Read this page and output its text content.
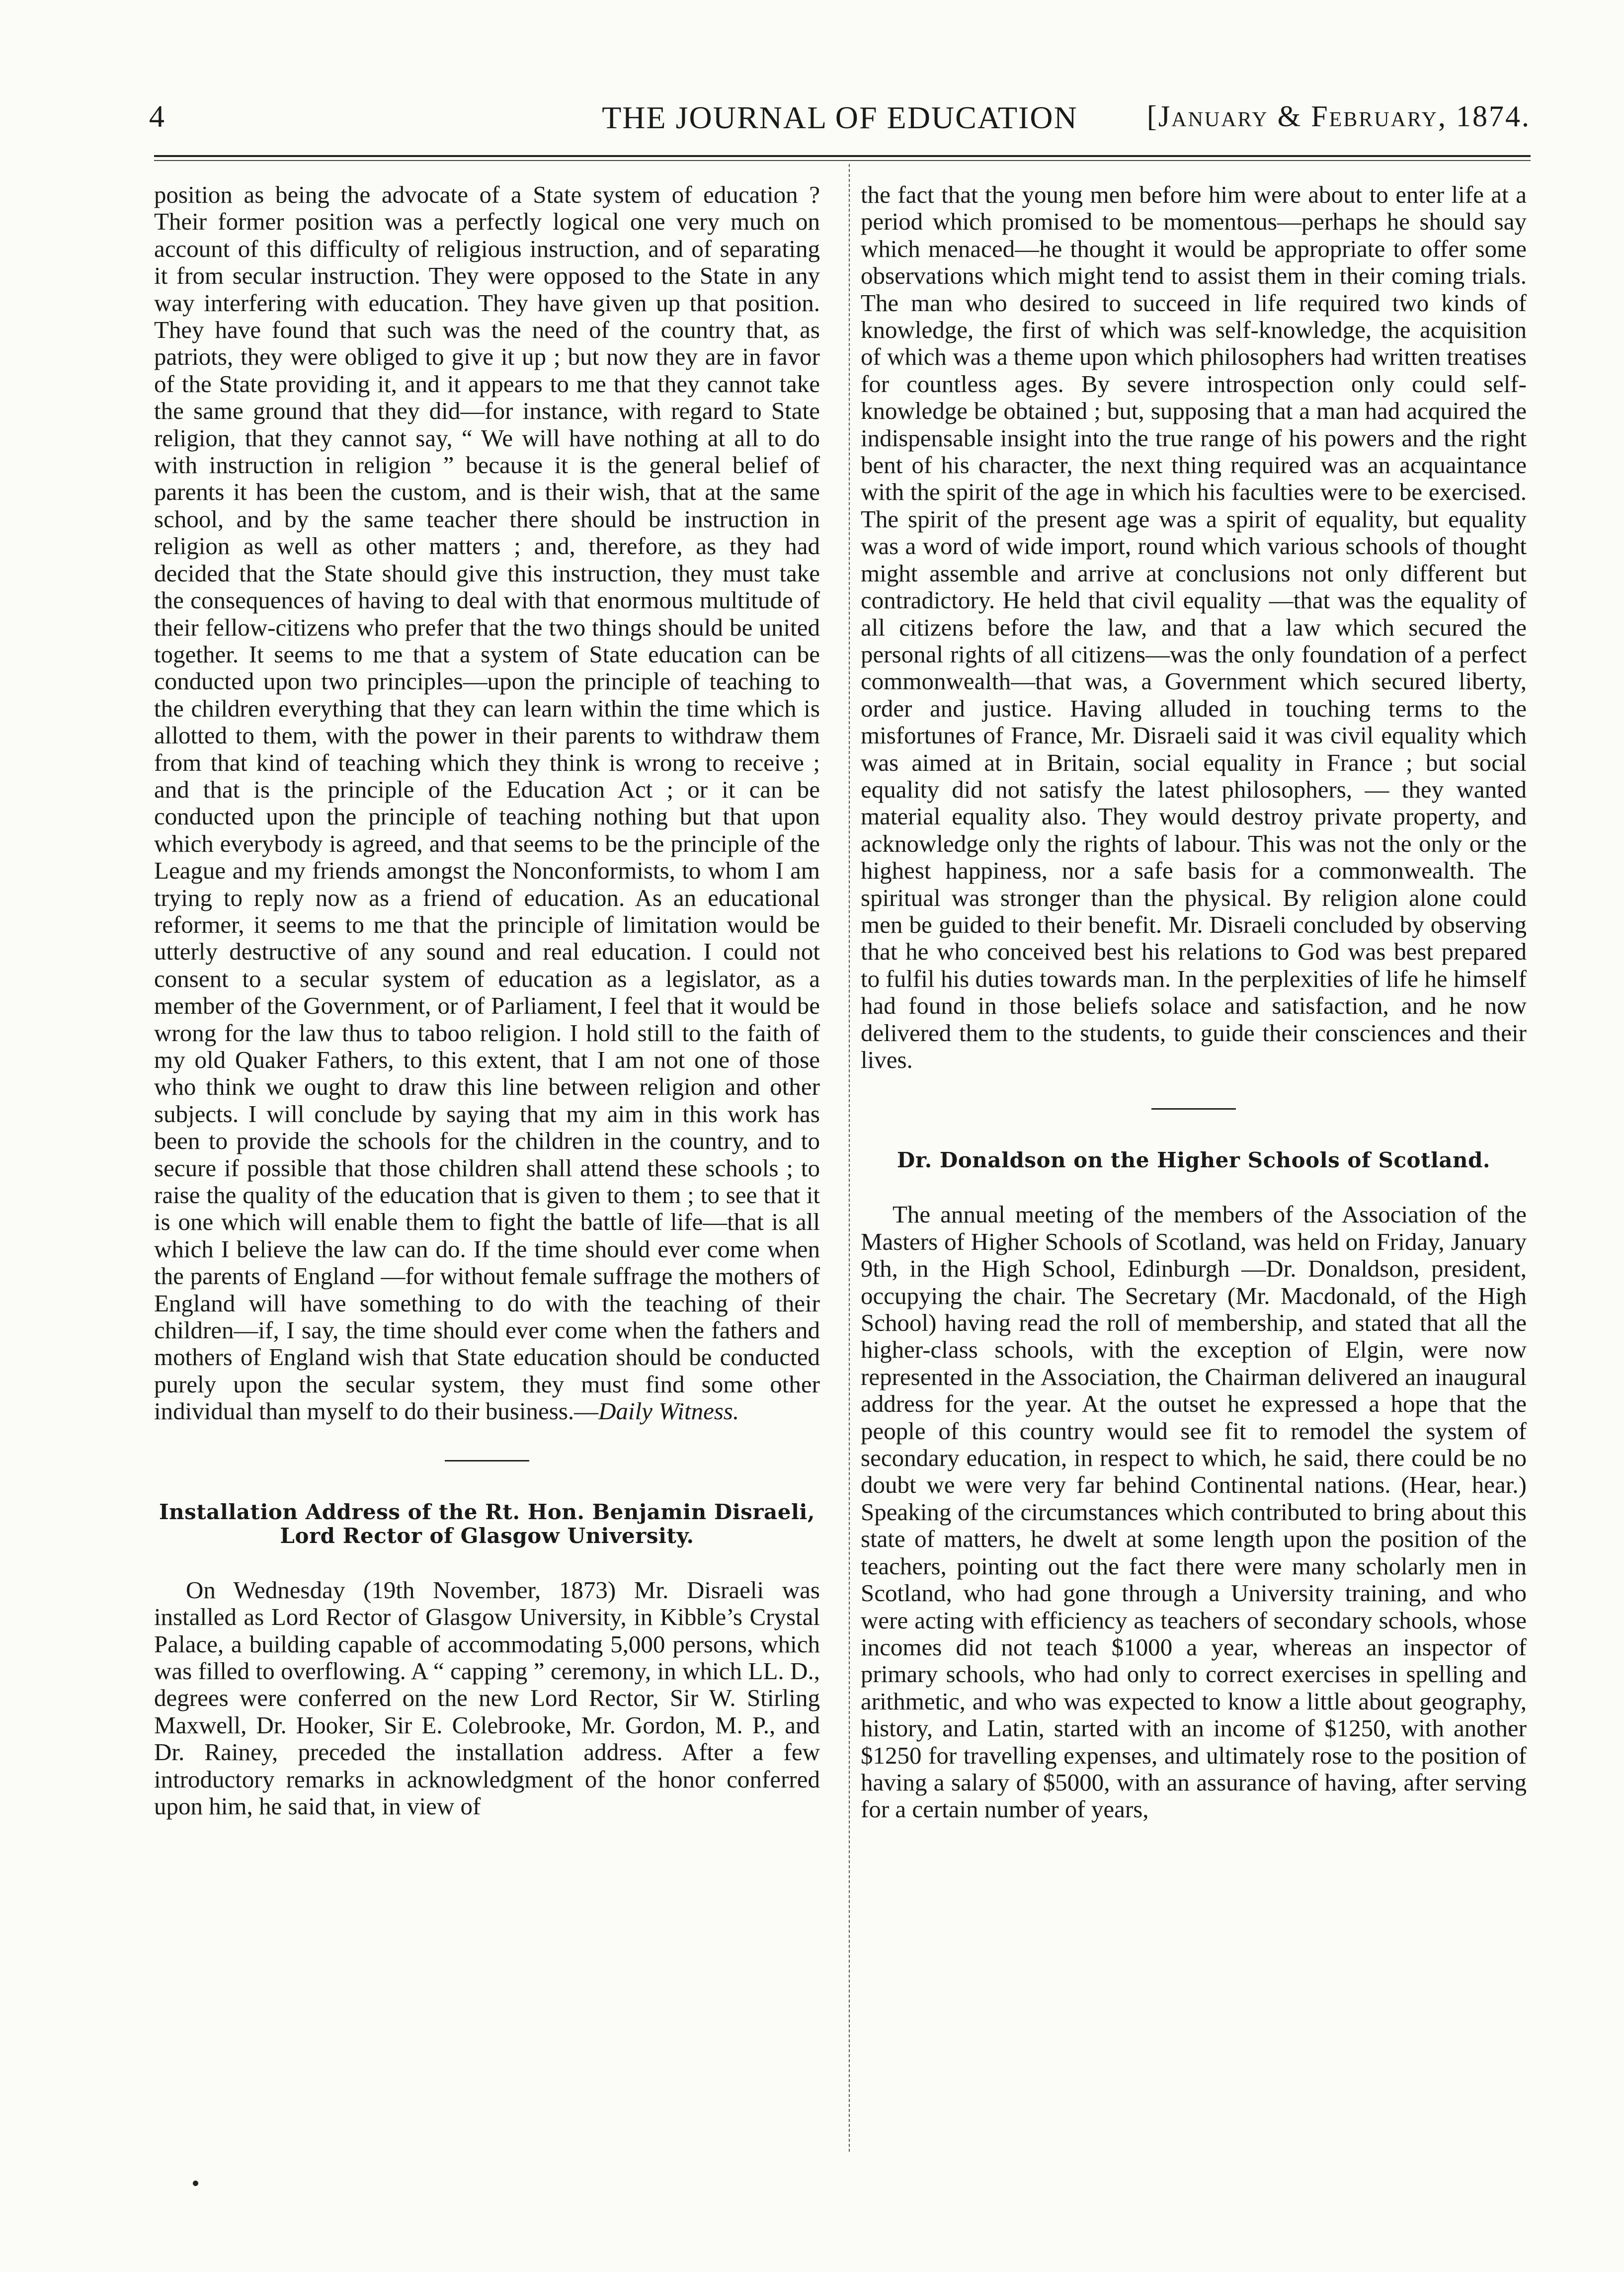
4	THE JOURNAL OF EDUCATION	[January & February, 1874.

position as being the advocate of a State system of education ? Their former position was a perfectly logical one very much on account of this difficulty of religious instruction, and of separating it from secular instruction. They were opposed to the State in any way interfering with education. They have given up that position. They have found that such was the need of the country that, as patriots, they were obliged to give it up ; but now they are in favor of the State providing it, and it appears to me that they cannot take the same ground that they did—for instance, with regard to State religion, that they cannot say, “ We will have nothing at all to do with instruction in religion ” because it is the general belief of parents it has been the custom, and is their wish, that at the same school, and by the same teacher there should be instruction in religion as well as other matters ; and, therefore, as they had decided that the State should give this instruction, they must take the consequences of having to deal with that enormous multitude of their fellow-citizens who prefer that the two things should be united together. It seems to me that a system of State education can be conducted upon two principles—upon the principle of teaching to the children everything that they can learn within the time which is allotted to them, with the power in their parents to withdraw them from that kind of teaching which they think is wrong to receive ; and that is the principle of the Education Act ; or it can be conducted upon the principle of teaching nothing but that upon which everybody is agreed, and that seems to be the principle of the League and my friends amongst the Nonconformists, to whom I am trying to reply now as a friend of education. As an educational reformer, it seems to me that the principle of limitation would be utterly destructive of any sound and real education. I could not consent to a secular system of education as a legislator, as a member of the Government, or of Parliament, I feel that it would be wrong for the law thus to taboo religion. I hold still to the faith of my old Quaker Fathers, to this extent, that I am not one of those who think we ought to draw this line between religion and other subjects. I will conclude by saying that my aim in this work has been to provide the schools for the children in the country, and to secure if possible that those children shall attend these schools ; to raise the quality of the education that is given to them ; to see that it is one which will enable them to fight the battle of life—that is all which I believe the law can do. If the time should ever come when the parents of England —for without female suffrage the mothers of England will have something to do with the teaching of their children—if, I say, the time should ever come when the fathers and mothers of England wish that State education should be conducted purely upon the secular system, they must find some other individual than myself to do their business.—Daily Witness.

Installation Address of the Rt. Hon. Benjamin Disraeli, Lord Rector of Glasgow University.

On Wednesday (19th November, 1873) Mr. Disraeli was installed as Lord Rector of Glasgow University, in Kibble’s Crystal Palace, a building capable of accommodating 5,000 persons, which was filled to overflowing. A “ capping ” ceremony, in which LL. D., degrees were conferred on the new Lord Rector, Sir W. Stirling Maxwell, Dr. Hooker, Sir E. Colebrooke, Mr. Gordon, M. P., and Dr. Rainey, preceded the installation address. After a few introductory remarks in acknowledgment of the honor conferred upon him, he said that, in view of

the fact that the young men before him were about to enter life at a period which promised to be momentous—perhaps he should say which menaced—he thought it would be appropriate to offer some observations which might tend to assist them in their coming trials. The man who desired to succeed in life required two kinds of knowledge, the first of which was self-knowledge, the acquisition of which was a theme upon which philosophers had written treatises for countless ages. By severe introspection only could self-knowledge be obtained ; but, supposing that a man had acquired the indispensable insight into the true range of his powers and the right bent of his character, the next thing required was an acquaintance with the spirit of the age in which his faculties were to be exercised. The spirit of the present age was a spirit of equality, but equality was a word of wide import, round which various schools of thought might assemble and arrive at conclusions not only different but contradictory. He held that civil equality —that was the equality of all citizens before the law, and that a law which secured the personal rights of all citizens—was the only foundation of a perfect commonwealth—that was, a Government which secured liberty, order and justice. Having alluded in touching terms to the misfortunes of France, Mr. Disraeli said it was civil equality which was aimed at in Britain, social equality in France ; but social equality did not satisfy the latest philosophers, — they wanted material equality also. They would destroy private property, and acknowledge only the rights of labour. This was not the only or the highest happiness, nor a safe basis for a commonwealth. The spiritual was stronger than the physical. By religion alone could men be guided to their benefit. Mr. Disraeli concluded by observing that he who conceived best his relations to God was best prepared to fulfil his duties towards man. In the perplexities of life he himself had found in those beliefs solace and satisfaction, and he now delivered them to the students, to guide their consciences and their lives.

Dr. Donaldson on the Higher Schools of Scotland.

The annual meeting of the members of the Association of the Masters of Higher Schools of Scotland, was held on Friday, January 9th, in the High School, Edinburgh —Dr. Donaldson, president, occupying the chair. The Secretary (Mr. Macdonald, of the High School) having read the roll of membership, and stated that all the higher-class schools, with the exception of Elgin, were now represented in the Association, the Chairman delivered an inaugural address for the year. At the outset he expressed a hope that the people of this country would see fit to remodel the system of secondary education, in respect to which, he said, there could be no doubt we were very far behind Continental nations. (Hear, hear.) Speaking of the circumstances which contributed to bring about this state of matters, he dwelt at some length upon the position of the teachers, pointing out the fact there were many scholarly men in Scotland, who had gone through a University training, and who were acting with efficiency as teachers of secondary schools, whose incomes did not teach $1000 a year, whereas an inspector of primary schools, who had only to correct exercises in spelling and arithmetic, and who was expected to know a little about geography, history, and Latin, started with an income of $1250, with another $1250 for travelling expenses, and ultimately rose to the position of having a salary of $5000, with an assurance of having, after serving for a certain number of years,
